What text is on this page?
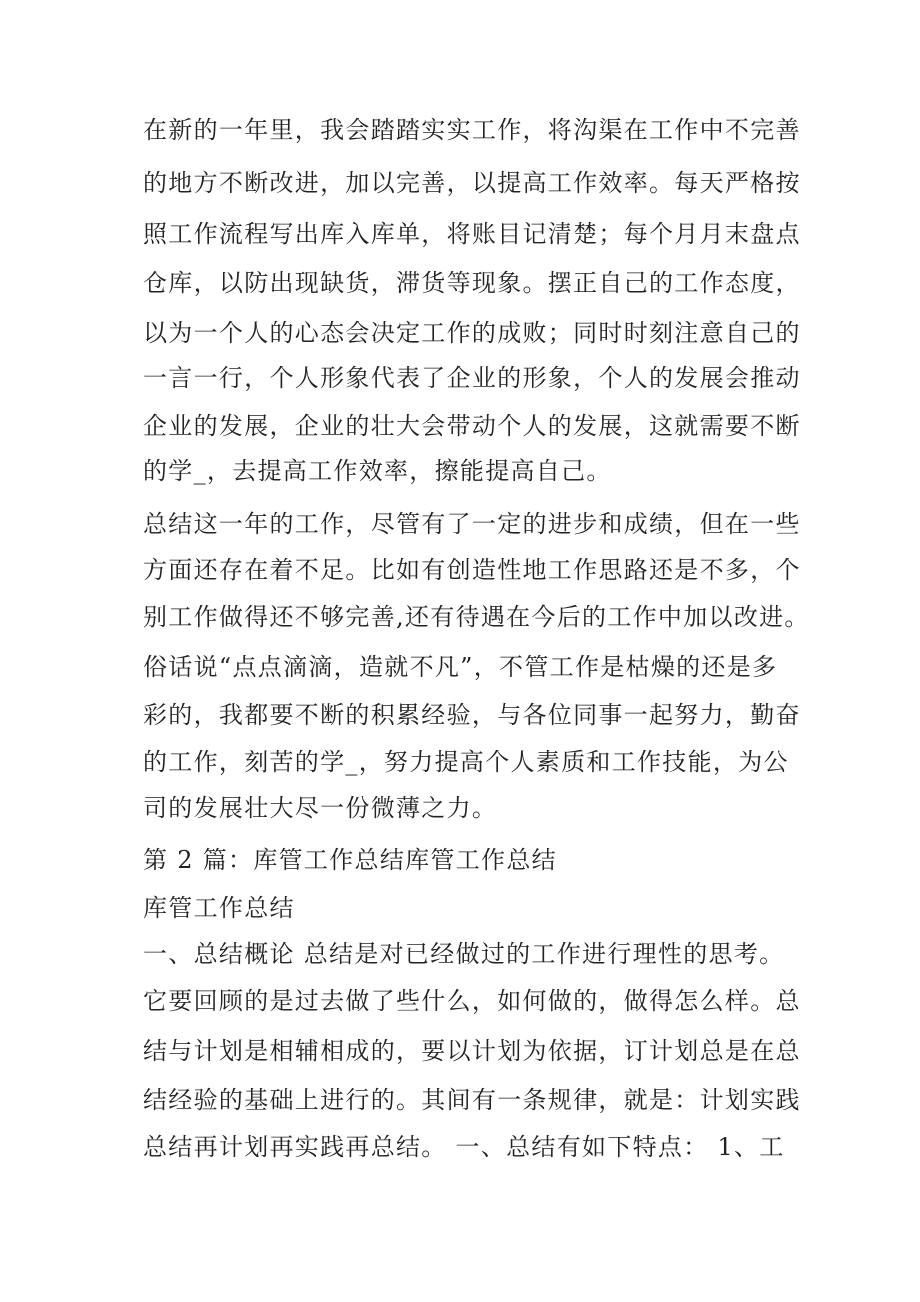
在新的一年里，我会踏踏实实工作，将沟渠在工作中不完善
的地方不断改进，加以完善，以提高工作效率。每天严格按
照工作流程写出库入库单，将账目记清楚；每个月月末盘点
仓库，以防出现缺货，滞货等现象。摆正自己的工作态度，
以为一个人的心态会决定工作的成败；同时时刻注意自己的
一言一行，个人形象代表了企业的形象，个人的发展会推动
企业的发展，企业的壮大会带动个人的发展，这就需要不断
的学_，去提高工作效率，擦能提高自己。
总结这一年的工作，尽管有了一定的进步和成绩，但在一些
方面还存在着不足。比如有创造性地工作思路还是不多，个
别工作做得还不够完善,还有待遇在今后的工作中加以改进。
俗话说“点点滴滴，造就不凡”，不管工作是枯燥的还是多
彩的，我都要不断的积累经验，与各位同事一起努力，勤奋
的工作，刻苦的学_，努力提高个人素质和工作技能，为公
司的发展壮大尽一份微薄之力。
第 2 篇：库管工作总结库管工作总结
库管工作总结
一、总结概论 总结是对已经做过的工作进行理性的思考。
它要回顾的是过去做了些什么，如何做的，做得怎么样。总
结与计划是相辅相成的，要以计划为依据，订计划总是在总
结经验的基础上进行的。其间有一条规律，就是：计划实践
总结再计划再实践再总结。 一、总结有如下特点： 1、工
